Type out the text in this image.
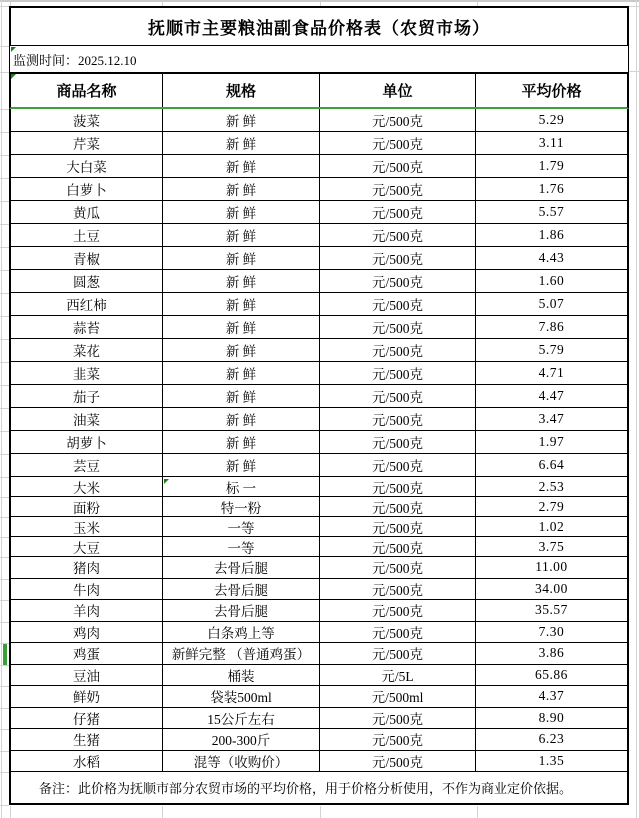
抚顺市主要粮油副食品价格表（农贸市场）
监测时间：2025.12.10
商品名称	规格	单位	平均价格
菠菜	新 鲜	元/500克	5.29
芹菜	新 鲜	元/500克	3.11
大白菜	新 鲜	元/500克	1.79
白萝卜	新 鲜	元/500克	1.76
黄瓜	新 鲜	元/500克	5.57
土豆	新 鲜	元/500克	1.86
青椒	新 鲜	元/500克	4.43
圆葱	新 鲜	元/500克	1.60
西红柿	新 鲜	元/500克	5.07
蒜苔	新 鲜	元/500克	7.86
菜花	新 鲜	元/500克	5.79
韭菜	新 鲜	元/500克	4.71
茄子	新 鲜	元/500克	4.47
油菜	新 鲜	元/500克	3.47
胡萝卜	新 鲜	元/500克	1.97
芸豆	新 鲜	元/500克	6.64
大米	标 一	元/500克	2.53
面粉	特一粉	元/500克	2.79
玉米	一等	元/500克	1.02
大豆	一等	元/500克	3.75
猪肉	去骨后腿	元/500克	11.00
牛肉	去骨后腿	元/500克	34.00
羊肉	去骨后腿	元/500克	35.57
鸡肉	白条鸡上等	元/500克	7.30
鸡蛋	新鲜完整 （普通鸡蛋）	元/500克	3.86
豆油	桶装	元/5L	65.86
鲜奶	袋装500ml	元/500ml	4.37
仔猪	15公斤左右	元/500克	8.90
生猪	200-300斤	元/500克	6.23
水稻	混等（收购价）	元/500克	1.35
备注：此价格为抚顺市部分农贸市场的平均价格，用于价格分析使用，不作为商业定价依据。
